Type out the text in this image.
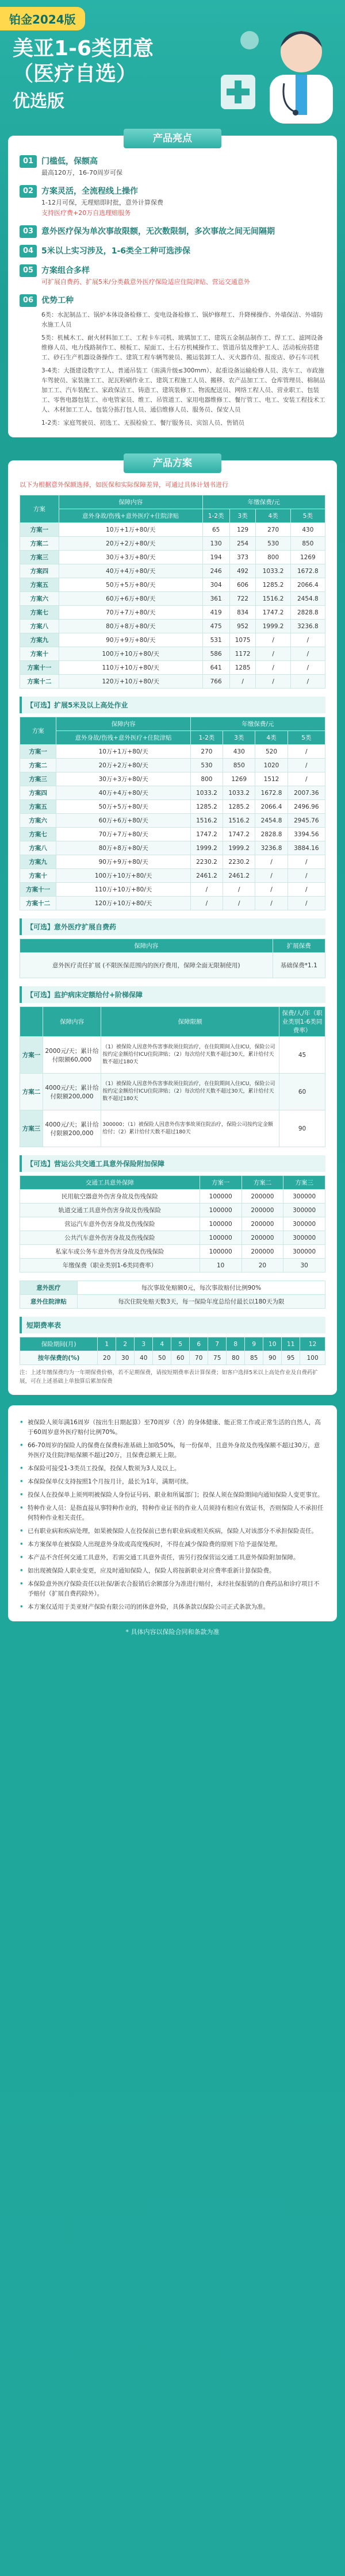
铂金2024版
美亚1-6类团意
（医疗自选）
优选版
产品亮点
01 门槛低，保额高
最高120万，16-70周岁可保
02 方案灵活，全流程线上操作
1-12月可保，无理赔即时批，意外计算保费
支持医疗费+20万自选理赔服务
03 意外医疗保为单次事故限额，无次数限制，多次事故之间无间隔期
04 5米以上实习涉及，1-6类全工种可选涉保
05 方案组合多样
可扩展自费药、扩展5米/分类截意外医疗保险适应住院津贴、营运交通意外
06 优势工种
6类：水泥制品工、锅炉本体设备检修工、变电设备检修工、锅炉修理工、升降梯操作、外墙保洁、外墙防水施工人员
5类：机械木工、耐火材料加工工、工程卡车司机、玻璃加工工、建筑五金制品制作工、焊工工、滤网设备维修人员、电力线路制作工、模板工、屋面工、土石方机械操作工、管道吊装及维护工人、活动板房搭建工、砂石生产机器设备操作工、建筑工程车辆驾驶员、搬运装卸工人、灭火器作员、报废店、砂石车司机
3-4类：大摄建设数字工人、普通吊装工（需满升级≤300mm）、起重设备运输检修人员、洗车工、市政施车驾驶员、家装施工工、泥瓦粉刷作业工、建筑工程施工人员、搬移、农产品加工工、仓库管理员、棉制品加工工、汽车装配工、家政保洁工、铸造工、建筑装修工、物流配送员、网络工程人员、营业职工、包装工、零售电器包装工、市电管家员、维工、吊管道工、家用电器维修工、餐厅管工、电工、安装工程技术工人、木材加工工人、包装分拣打包人员、通信维修人员、服务员、保安人员
1-2类：家庭驾驶员、初选工、无损检验工、餐厅服务员、宾馆人员、售销员
产品方案
以下为根据意外保额选择，如医保和实际保障差异，可通过具体计划书进行
方案	保障内容	年缴保费/元			
	意外身故/伤残+意外医疗+住院津贴	1-2类	3类	4类	5类
方案一	10万+1万+80/天	65	129	270	430
方案二	20万+2万+80/天	130	254	530	850
方案三	30万+3万+80/天	194	373	800	1269
方案四	40万+4万+80/天	246	492	1033.2	1672.8
方案五	50万+5万+80/天	304	606	1285.2	2066.4
方案六	60万+6万+80/天	361	722	1516.2	2454.8
方案七	70万+7万+80/天	419	834	1747.2	2828.8
方案八	80万+8万+80/天	475	952	1999.2	3236.8
方案九	90万+9万+80/天	531	1075	/	/
方案十	100万+10万+80/天	586	1172	/	/
方案十一	110万+10万+80/天	641	1285	/	/
方案十二	120万+10万+80/天	766	/	/	/
【可选】扩展5米及以上高处作业
方案	保障内容	年缴保费/元			
	意外身故/伤残+意外医疗+住院津贴	1-2类	3类	4类	5类
方案一	10万+1万+80/天	270	430	520	/
方案二	20万+2万+80/天	530	850	1020	/
方案三	30万+3万+80/天	800	1269	1512	/
方案四	40万+4万+80/天	1033.2	1033.2	1672.8	2007.36
方案五	50万+5万+80/天	1285.2	1285.2	2066.4	2496.96
方案六	60万+6万+80/天	1516.2	1516.2	2454.8	2945.76
方案七	70万+7万+80/天	1747.2	1747.2	2828.8	3394.56
方案八	80万+8万+80/天	1999.2	1999.2	3236.8	3884.16
方案九	90万+9万+80/天	2230.2	2230.2	/	/
方案十	100万+10万+80/天	2461.2	2461.2	/	/
方案十一	110万+10万+80/天	/	/	/	/
方案十二	120万+10万+80/天	/	/	/	/
【可选】意外医疗扩展自费药
保障内容	扩展保费
意外医疗责任扩展 (不限医保范围内的医疗费用，保障全面无限制使用)	基础保费*1.1
【可选】监护病床定额给付+阶梯保障
	保障内容	保障限额	保费/人/年（职业类别1-6类同费率）
方案一	2000元/天；累计给付限额60,000	（1）被保险人因意外伤害事故须住院治疗，在住院期间入住ICU，保险公司按约定金额给付ICU住院津贴；（2）每次给付天数不超过30天，累计给付天数不超过180天	45
方案二	4000元/天；累计给付限额200,000	（1）被保险人因意外伤害事故须住院治疗，在住院期间入住ICU，保险公司按约定金额给付ICU住院津贴；（2）每次给付天数不超过30天，累计给付天数不超过180天	60
方案三	4000元/天；累计给付限额200,000	300000；（1）被保险人因意外伤害事故须住院治疗，保险公司按约定金额给付；（2）累计给付天数不超过180天	90
【可选】营运公共交通工具意外保险附加保障
交通工具意外保障	方案一	方案二	方案三
民用航空器意外伤害身故及伤残保险	100000	200000	300000
轨道交通工具意外伤害身故及伤残保险	100000	200000	300000
营运汽车意外伤害身故及伤残保险	100000	200000	300000
公共汽车意外伤害身故及伤残保险	100000	200000	300000
私家车或公务车意外伤害身故及伤残保险	100000	200000	300000
年缴保费（职业类别1-6类同费率）	10	20	30
意外医疗	每次事故免赔额0元，每次事故赔付比例90%
意外住院津贴	每次住院免赔天数3天，每一保险年度总给付最长以180天为限
短期费率表
保险期间(月)	1	2	3	4	5	6	7	8	9	10	11	12
按年保费的(%)	20	30	40	50	60	70	75	80	85	90	95	100
注：上述年缴保费均为一年期保费价格，若不足期保费，请按短期费率表计算保费；如客户选择5米以上高处作业及自费药扩展，可在上述基础上单独算后累加保费
• 被保险人须年满16周岁（按出生日期起算）至70周岁（含）的身体健康、能正常工作或正常生活的自然人，高于60周岁意外医疗赔付比例70%。
• 66-70周岁的保险人的保费在保费标准基础上加收50%，每一份保单，且意外身故及伤残保额不超过30万，意外医疗及住院津贴保额不超过20万，且保费总额无上限。
• 本保险可接受1-3类员工投保，投保人数须为3人及以上。
• 本保险保单仅支持按照1个月按月计，最长为1年，满期可续。
• 投保人在投保单上须列明被保险人身份证号码、职业和所属部门；投保人须在保险期间内通知保险人变更事宜。
• 特种作业人员：是指直接从事特种作业的，特种作业证书的作业人员须持有相应有效证书，否则保险人不承担任何特种作业相关责任。
• 已有职业病和疾病处理，如果被保险人在投保前已患有职业病或相关疾病，保险人对该部分不承担保险责任。
• 本方案保单在被保险人出现意外身故或高度残疾时，不得在减少保险费的原则下给予退保处理。
• 本产品不含任何交通工具意外，若需交通工具意外责任，需另行投保营运交通工具意外保险附加保障。
• 如出现被保险人职业变更，应及时通知保险人，保险人将按新职业对应费率重新计算保险费。
• 本保险意外医疗保险责任以社保/新农合报销后余额部分为准进行赔付，未经社保报销的自费药品和诊疗项目不予赔付（扩展自费药除外）。
• 本方案仅适用于美亚财产保险有限公司的团体意外险，具体条款以保险公司正式条款为准。
* 具体内容以保险合同和条款为准
